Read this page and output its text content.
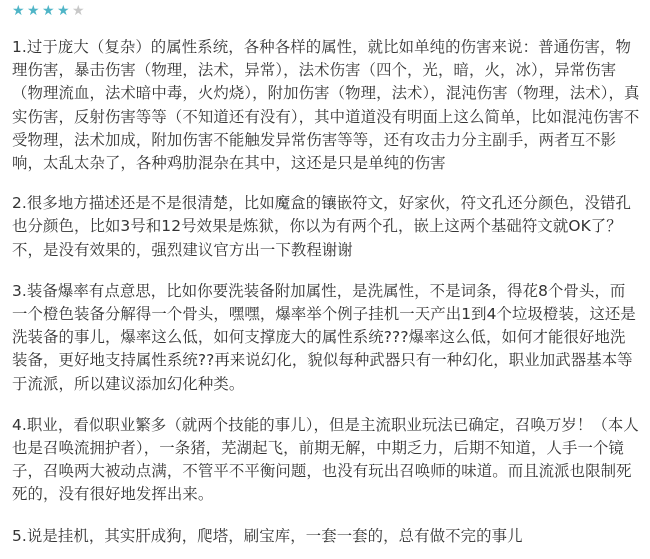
★ ★ ★ ★ ★

1.过于庞大（复杂）的属性系统，各种各样的属性，就比如单纯的伤害来说：普通伤害，物理伤害，暴击伤害（物理，法术，异常），法术伤害（四个，光，暗，火，冰），异常伤害（物理流血，法术暗中毒，火灼烧），附加伤害（物理，法术），混沌伤害（物理，法术），真实伤害，反射伤害等等（不知道还有没有），其中道道没有明面上这么简单，比如混沌伤害不受物理，法术加成，附加伤害不能触发异常伤害等等，还有攻击力分主副手，两者互不影响，太乱太杂了，各种鸡肋混杂在其中，这还是只是单纯的伤害

2.很多地方描述还是不是很清楚，比如魔盒的镶嵌符文，好家伙，符文孔还分颜色，没错孔也分颜色，比如3号和12号效果是炼狱，你以为有两个孔，嵌上这两个基础符文就OK了？不，是没有效果的，强烈建议官方出一下教程谢谢

3.装备爆率有点意思，比如你要洗装备附加属性，是洗属性，不是词条，得花8个骨头，而一个橙色装备分解得一个骨头，嘿嘿，爆率举个例子挂机一天产出1到4个垃圾橙装，这还是洗装备的事儿，爆率这么低，如何支撑庞大的属性系统???爆率这么低，如何才能很好地洗装备，更好地支持属性系统??再来说幻化，貌似每种武器只有一种幻化，职业加武器基本等于流派，所以建议添加幻化种类。

4.职业，看似职业繁多（就两个技能的事儿），但是主流职业玩法已确定，召唤万岁！（本人也是召唤流拥护者），一条猪，芜湖起飞，前期无解，中期乏力，后期不知道，人手一个镜子，召唤两大被动点满，不管平不平衡问题，也没有玩出召唤师的味道。而且流派也限制死死的，没有很好地发挥出来。

5.说是挂机，其实肝成狗，爬塔，刷宝库，一套一套的，总有做不完的事儿
